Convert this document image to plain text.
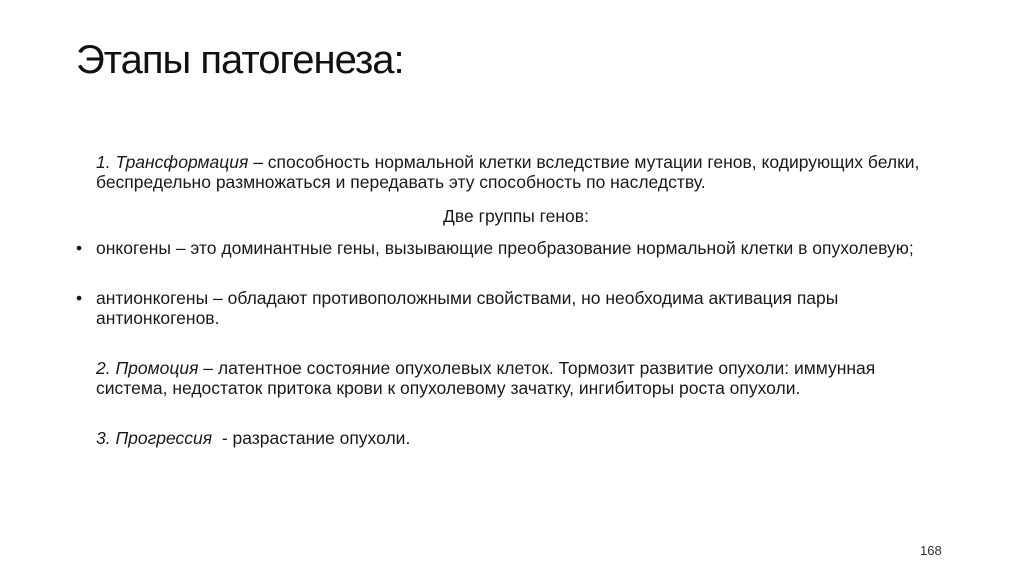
Этапы патогенеза:

1. Трансформация – способность нормальной клетки вследствие мутации генов, кодирующих белки, беспредельно размножаться и передавать эту способность по наследству.

Две группы генов:

• онкогены – это доминантные гены, вызывающие преобразование нормальной клетки в опухолевую;

• антионкогены – обладают противоположными свойствами, но необходима активация пары антионкогенов.

2. Промоция – латентное состояние опухолевых клеток. Тормозит развитие опухоли: иммунная система, недостаток притока крови к опухолевому зачатку, ингибиторы роста опухоли.

3. Прогрессия  - разрастание опухоли.

168
